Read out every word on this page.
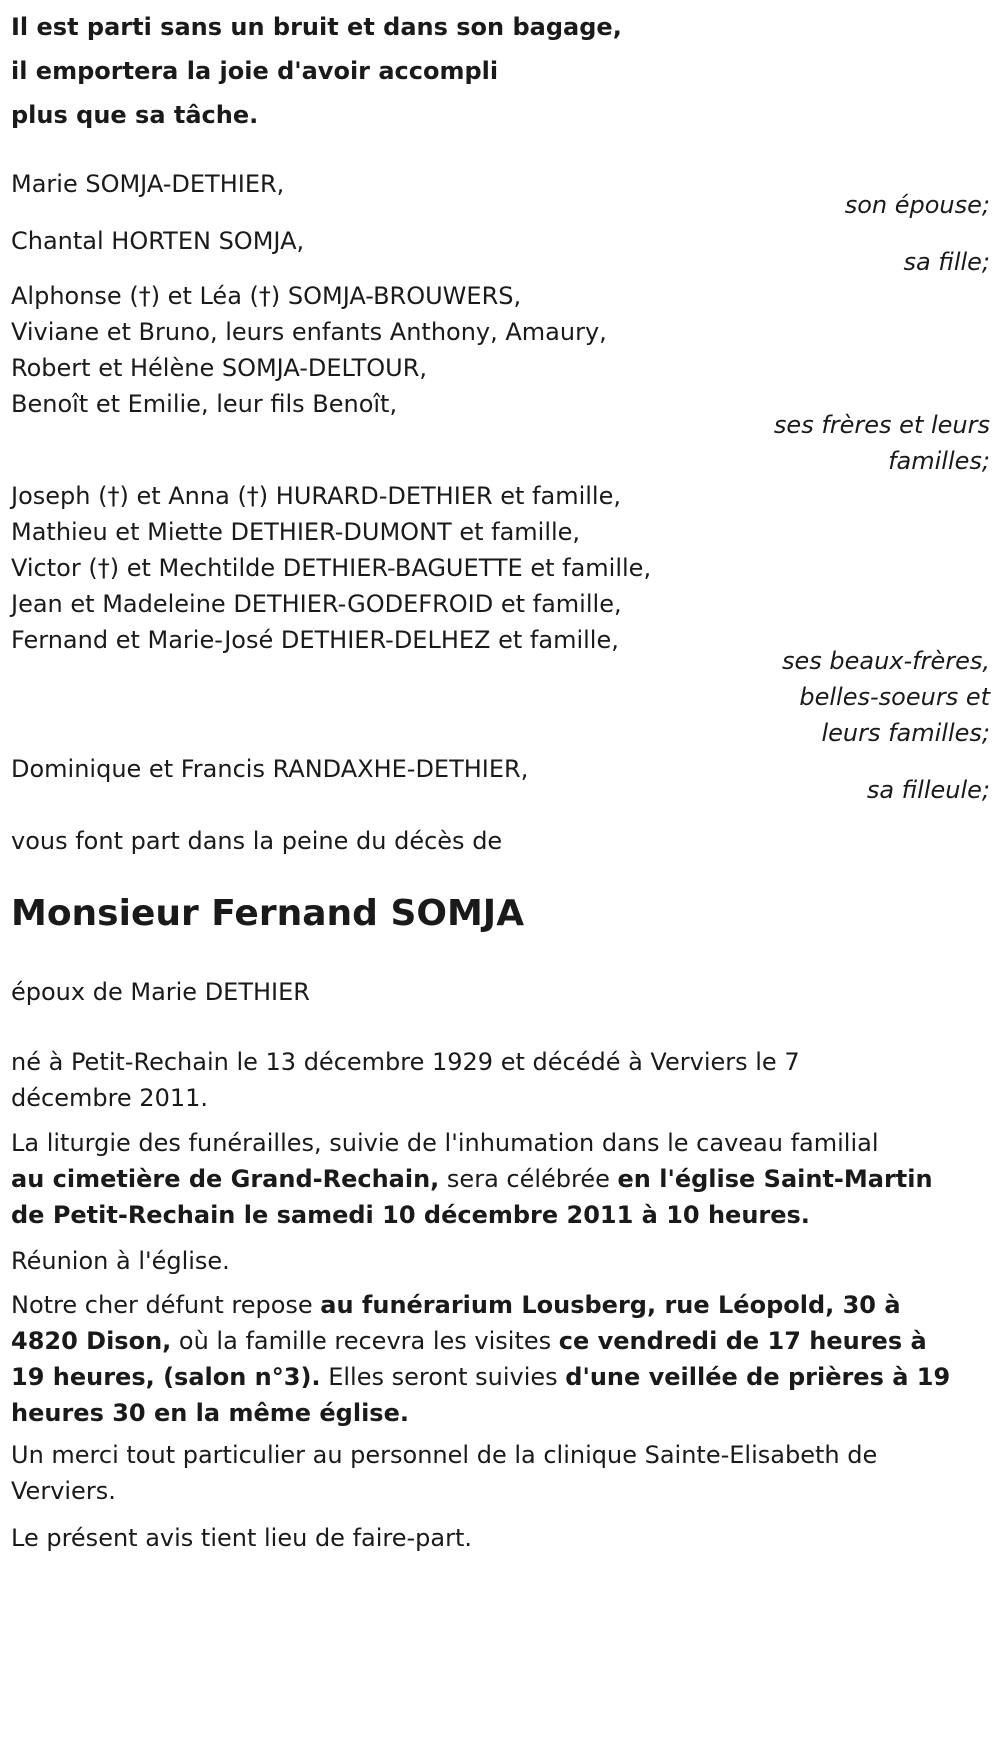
Il est parti sans un bruit et dans son bagage,
il emportera la joie d'avoir accompli
plus que sa tâche.
Marie SOMJA-DETHIER,
son épouse;
Chantal HORTEN SOMJA,
sa fille;
Alphonse (†) et Léa (†) SOMJA-BROUWERS,
Viviane et Bruno, leurs enfants Anthony, Amaury,
Robert et Hélène SOMJA-DELTOUR,
Benoît et Emilie, leur fils Benoît,
ses frères et leurs
familles;
Joseph (†) et Anna (†) HURARD-DETHIER et famille,
Mathieu et Miette DETHIER-DUMONT et famille,
Victor (†) et Mechtilde DETHIER-BAGUETTE et famille,
Jean et Madeleine DETHIER-GODEFROID et famille,
Fernand et Marie-José DETHIER-DELHEZ et famille,
ses beaux-frères,
belles-soeurs et
leurs familles;
Dominique et Francis RANDAXHE-DETHIER,
sa filleule;
vous font part dans la peine du décès de
Monsieur Fernand SOMJA
époux de Marie DETHIER
né à Petit-Rechain le 13 décembre 1929 et décédé à Verviers le 7
décembre 2011.
La liturgie des funérailles, suivie de l'inhumation dans le caveau familial
au cimetière de Grand-Rechain, sera célébrée en l'église Saint-Martin
de Petit-Rechain le samedi 10 décembre 2011 à 10 heures.
Réunion à l'église.
Notre cher défunt repose au funérarium Lousberg, rue Léopold, 30 à
4820 Dison, où la famille recevra les visites ce vendredi de 17 heures à
19 heures, (salon n°3). Elles seront suivies d'une veillée de prières à 19
heures 30 en la même église.
Un merci tout particulier au personnel de la clinique Sainte-Elisabeth de
Verviers.
Le présent avis tient lieu de faire-part.
